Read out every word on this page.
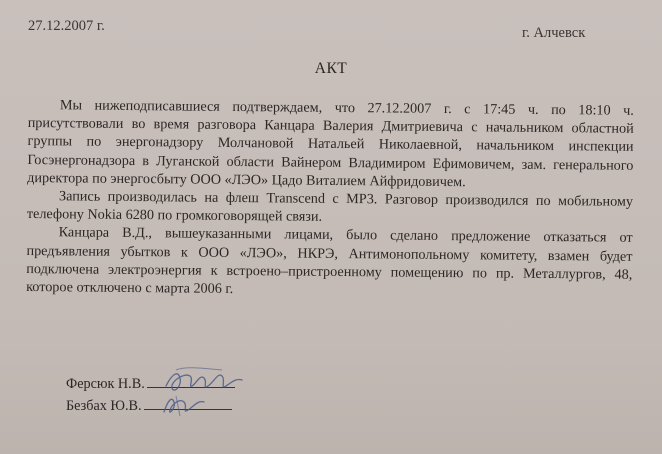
27.12.2007 г.	г. Алчевск
АКТ

Мы нижеподписавшиеся подтверждаем, что 27.12.2007 г. с 17:45 ч. по 18:10 ч. присутствовали во время разговора Канцара Валерия Дмитриевича с начальником областной группы по энергонадзору Молчановой Натальей Николаевной, начальником инспекции Госэнергонадзора в Луганской области Вайнером Владимиром Ефимовичем, зам. генерального директора по энергосбыту ООО «ЛЭО» Цадо Виталием Айфридовичем.

Запись производилась на флеш Transcend с MP3. Разговор производился по мобильному телефону Nokia 6280 по громкоговорящей связи.

Канцара В.Д., вышеуказанными лицами, было сделано предложение отказаться от предъявления убытков к ООО «ЛЭО», НКРЭ, Антимонопольному комитету, взамен будет подключена электроэнергия к встроено–пристроенному помещению по пр. Металлургов, 48, которое отключено с марта 2006 г.

Ферсюк Н.В.
Безбах Ю.В.
